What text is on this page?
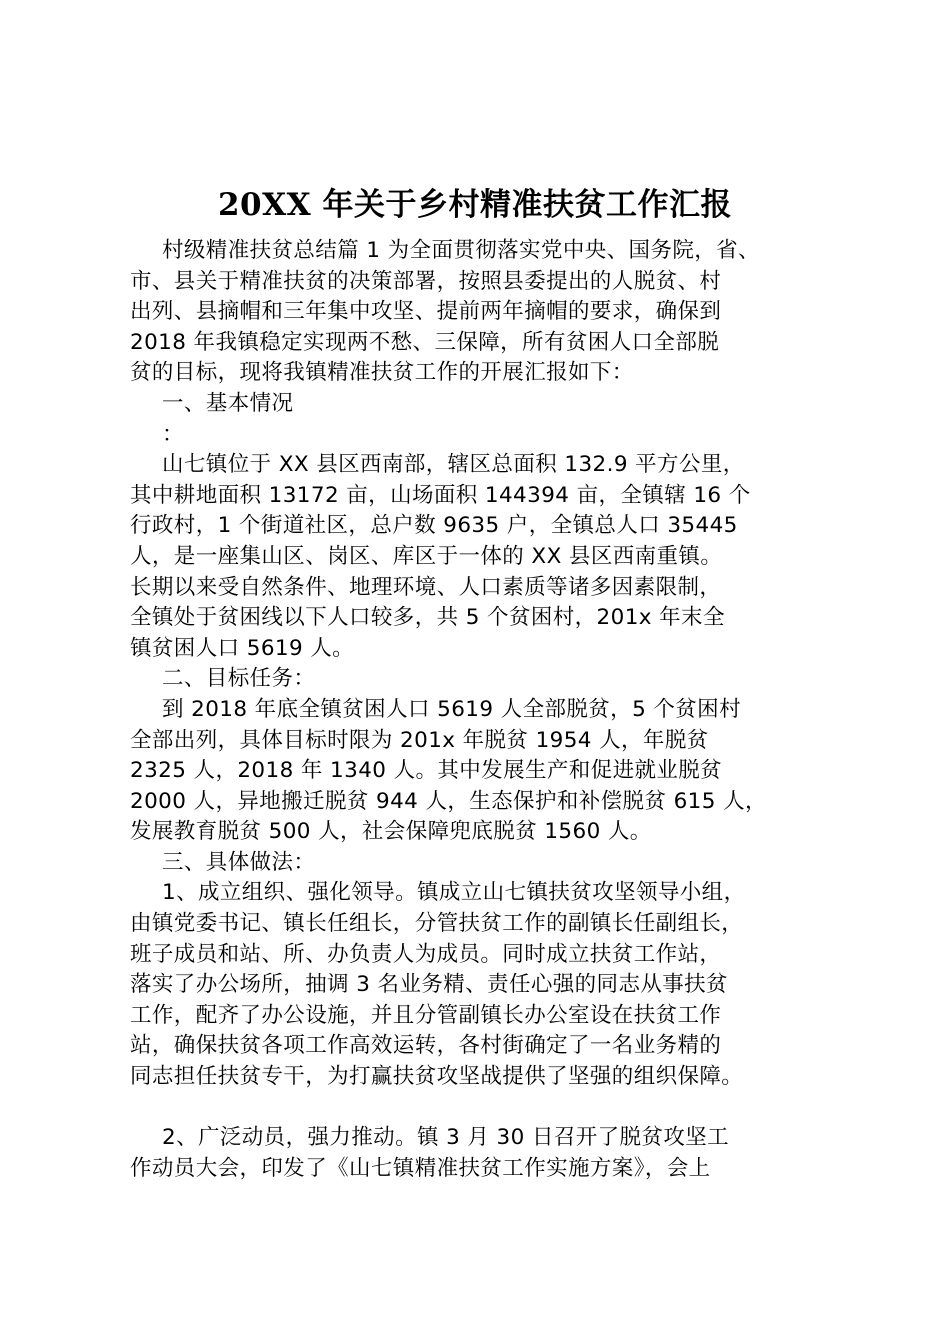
20XX 年关于乡村精准扶贫工作汇报
村级精准扶贫总结篇 1 为全面贯彻落实党中央、国务院，省、
市、县关于精准扶贫的决策部署，按照县委提出的人脱贫、村
出列、县摘帽和三年集中攻坚、提前两年摘帽的要求，确保到
2018 年我镇稳定实现两不愁、三保障，所有贫困人口全部脱
贫的目标，现将我镇精准扶贫工作的开展汇报如下：
一、基本情况
：
山七镇位于 XX 县区西南部，辖区总面积 132.9 平方公里，
其中耕地面积 13172 亩，山场面积 144394 亩，全镇辖 16 个
行政村，1 个街道社区，总户数 9635 户，全镇总人口 35445
人，是一座集山区、岗区、库区于一体的 XX 县区西南重镇。
长期以来受自然条件、地理环境、人口素质等诸多因素限制，
全镇处于贫困线以下人口较多，共 5 个贫困村，201x 年末全
镇贫困人口 5619 人。
二、目标任务：
到 2018 年底全镇贫困人口 5619 人全部脱贫，5 个贫困村
全部出列，具体目标时限为 201x 年脱贫 1954 人，年脱贫
2325 人，2018 年 1340 人。其中发展生产和促进就业脱贫
2000 人，异地搬迁脱贫 944 人，生态保护和补偿脱贫 615 人，
发展教育脱贫 500 人，社会保障兜底脱贫 1560 人。
三、具体做法：
1、成立组织、强化领导。镇成立山七镇扶贫攻坚领导小组，
由镇党委书记、镇长任组长，分管扶贫工作的副镇长任副组长，
班子成员和站、所、办负责人为成员。同时成立扶贫工作站，
落实了办公场所，抽调 3 名业务精、责任心强的同志从事扶贫
工作，配齐了办公设施，并且分管副镇长办公室设在扶贫工作
站，确保扶贫各项工作高效运转，各村街确定了一名业务精的
同志担任扶贫专干，为打赢扶贫攻坚战提供了坚强的组织保障。
2、广泛动员，强力推动。镇 3 月 30 日召开了脱贫攻坚工
作动员大会，印发了《山七镇精准扶贫工作实施方案》，会上
